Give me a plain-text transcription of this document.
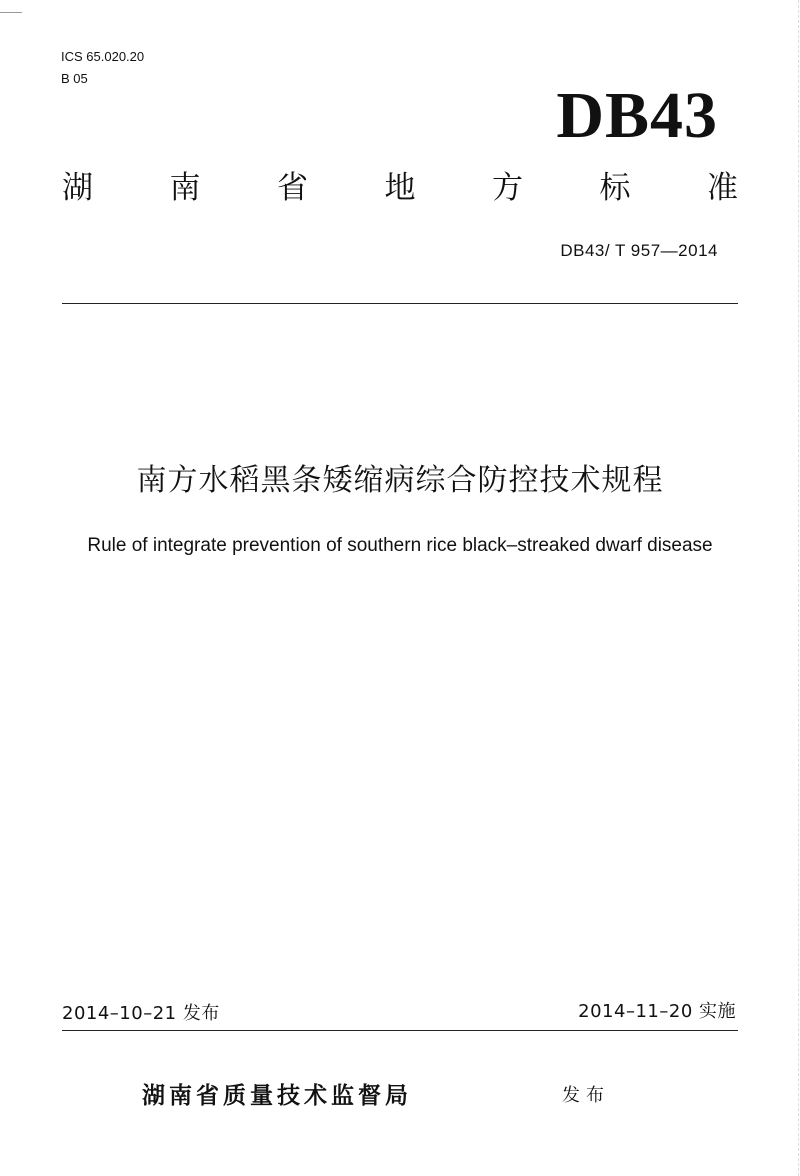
ICS 65.020.20

B 05

DB43
湖 南 省 地 方 标 准
DB43/ T 957—2014
南方水稻黑条矮缩病综合防控技术规程
Rule of integrate prevention of southern rice black–streaked dwarf disease
2014–10–21 发布	2014–11–20 实施
湖南省质量技术监督局	发布
